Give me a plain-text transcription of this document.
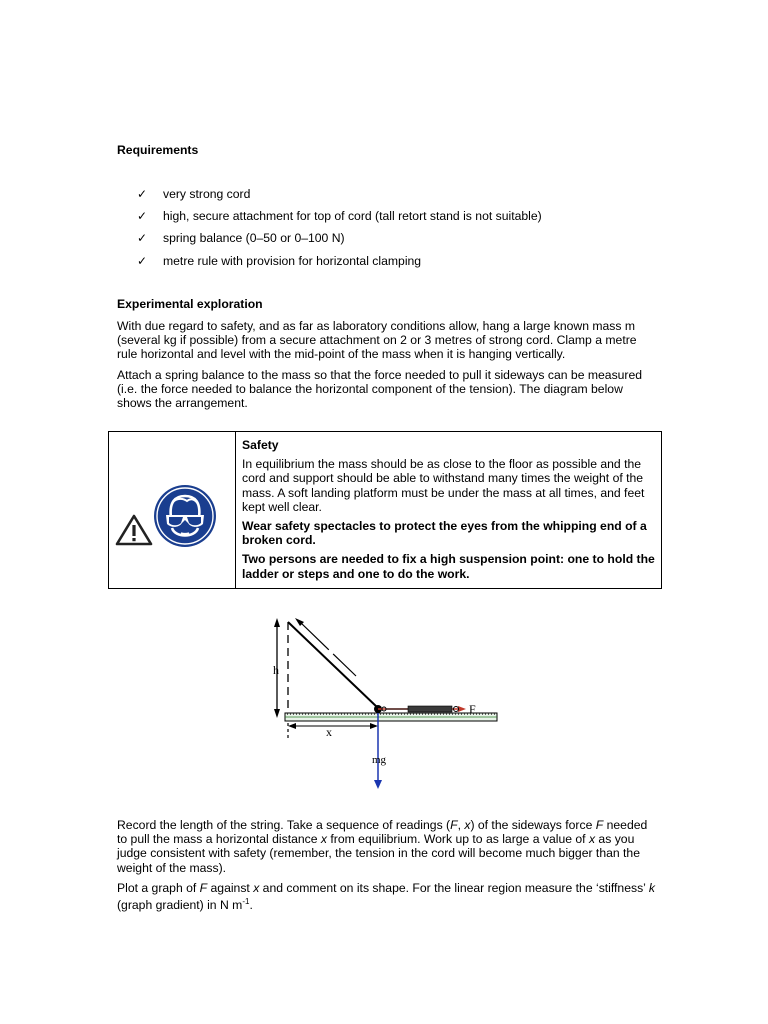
Requirements
✓ very strong cord
✓ high, secure attachment for top of cord (tall retort stand is not suitable)
✓ spring balance (0–50 or 0–100 N)
✓ metre rule with provision for horizontal clamping
Experimental exploration

With due regard to safety, and as far as laboratory conditions allow, hang a large known mass m (several kg if possible) from a secure attachment on 2 or 3 metres of strong cord. Clamp a metre rule horizontal and level with the mid-point of the mass when it is hanging vertically.

Attach a spring balance to the mass so that the force needed to pull it sideways can be measured (i.e. the force needed to balance the horizontal component of the tension). The diagram below shows the arrangement.

Safety

In equilibrium the mass should be as close to the floor as possible and the cord and support should be able to withstand many times the weight of the mass. A soft landing platform must be under the mass at all times, and feet kept well clear.

Wear safety spectacles to protect the eyes from the whipping end of a broken cord.

Two persons are needed to fix a high suspension point: one to hold the ladder or steps and one to do the work.

h
x
mg
F

Record the length of the string. Take a sequence of readings (F, x) of the sideways force F needed to pull the mass a horizontal distance x from equilibrium. Work up to as large a value of x as you judge consistent with safety (remember, the tension in the cord will become much bigger than the weight of the mass).

Plot a graph of F against x and comment on its shape. For the linear region measure the ‘stiffness’ k (graph gradient) in N $m^{-1}$.
